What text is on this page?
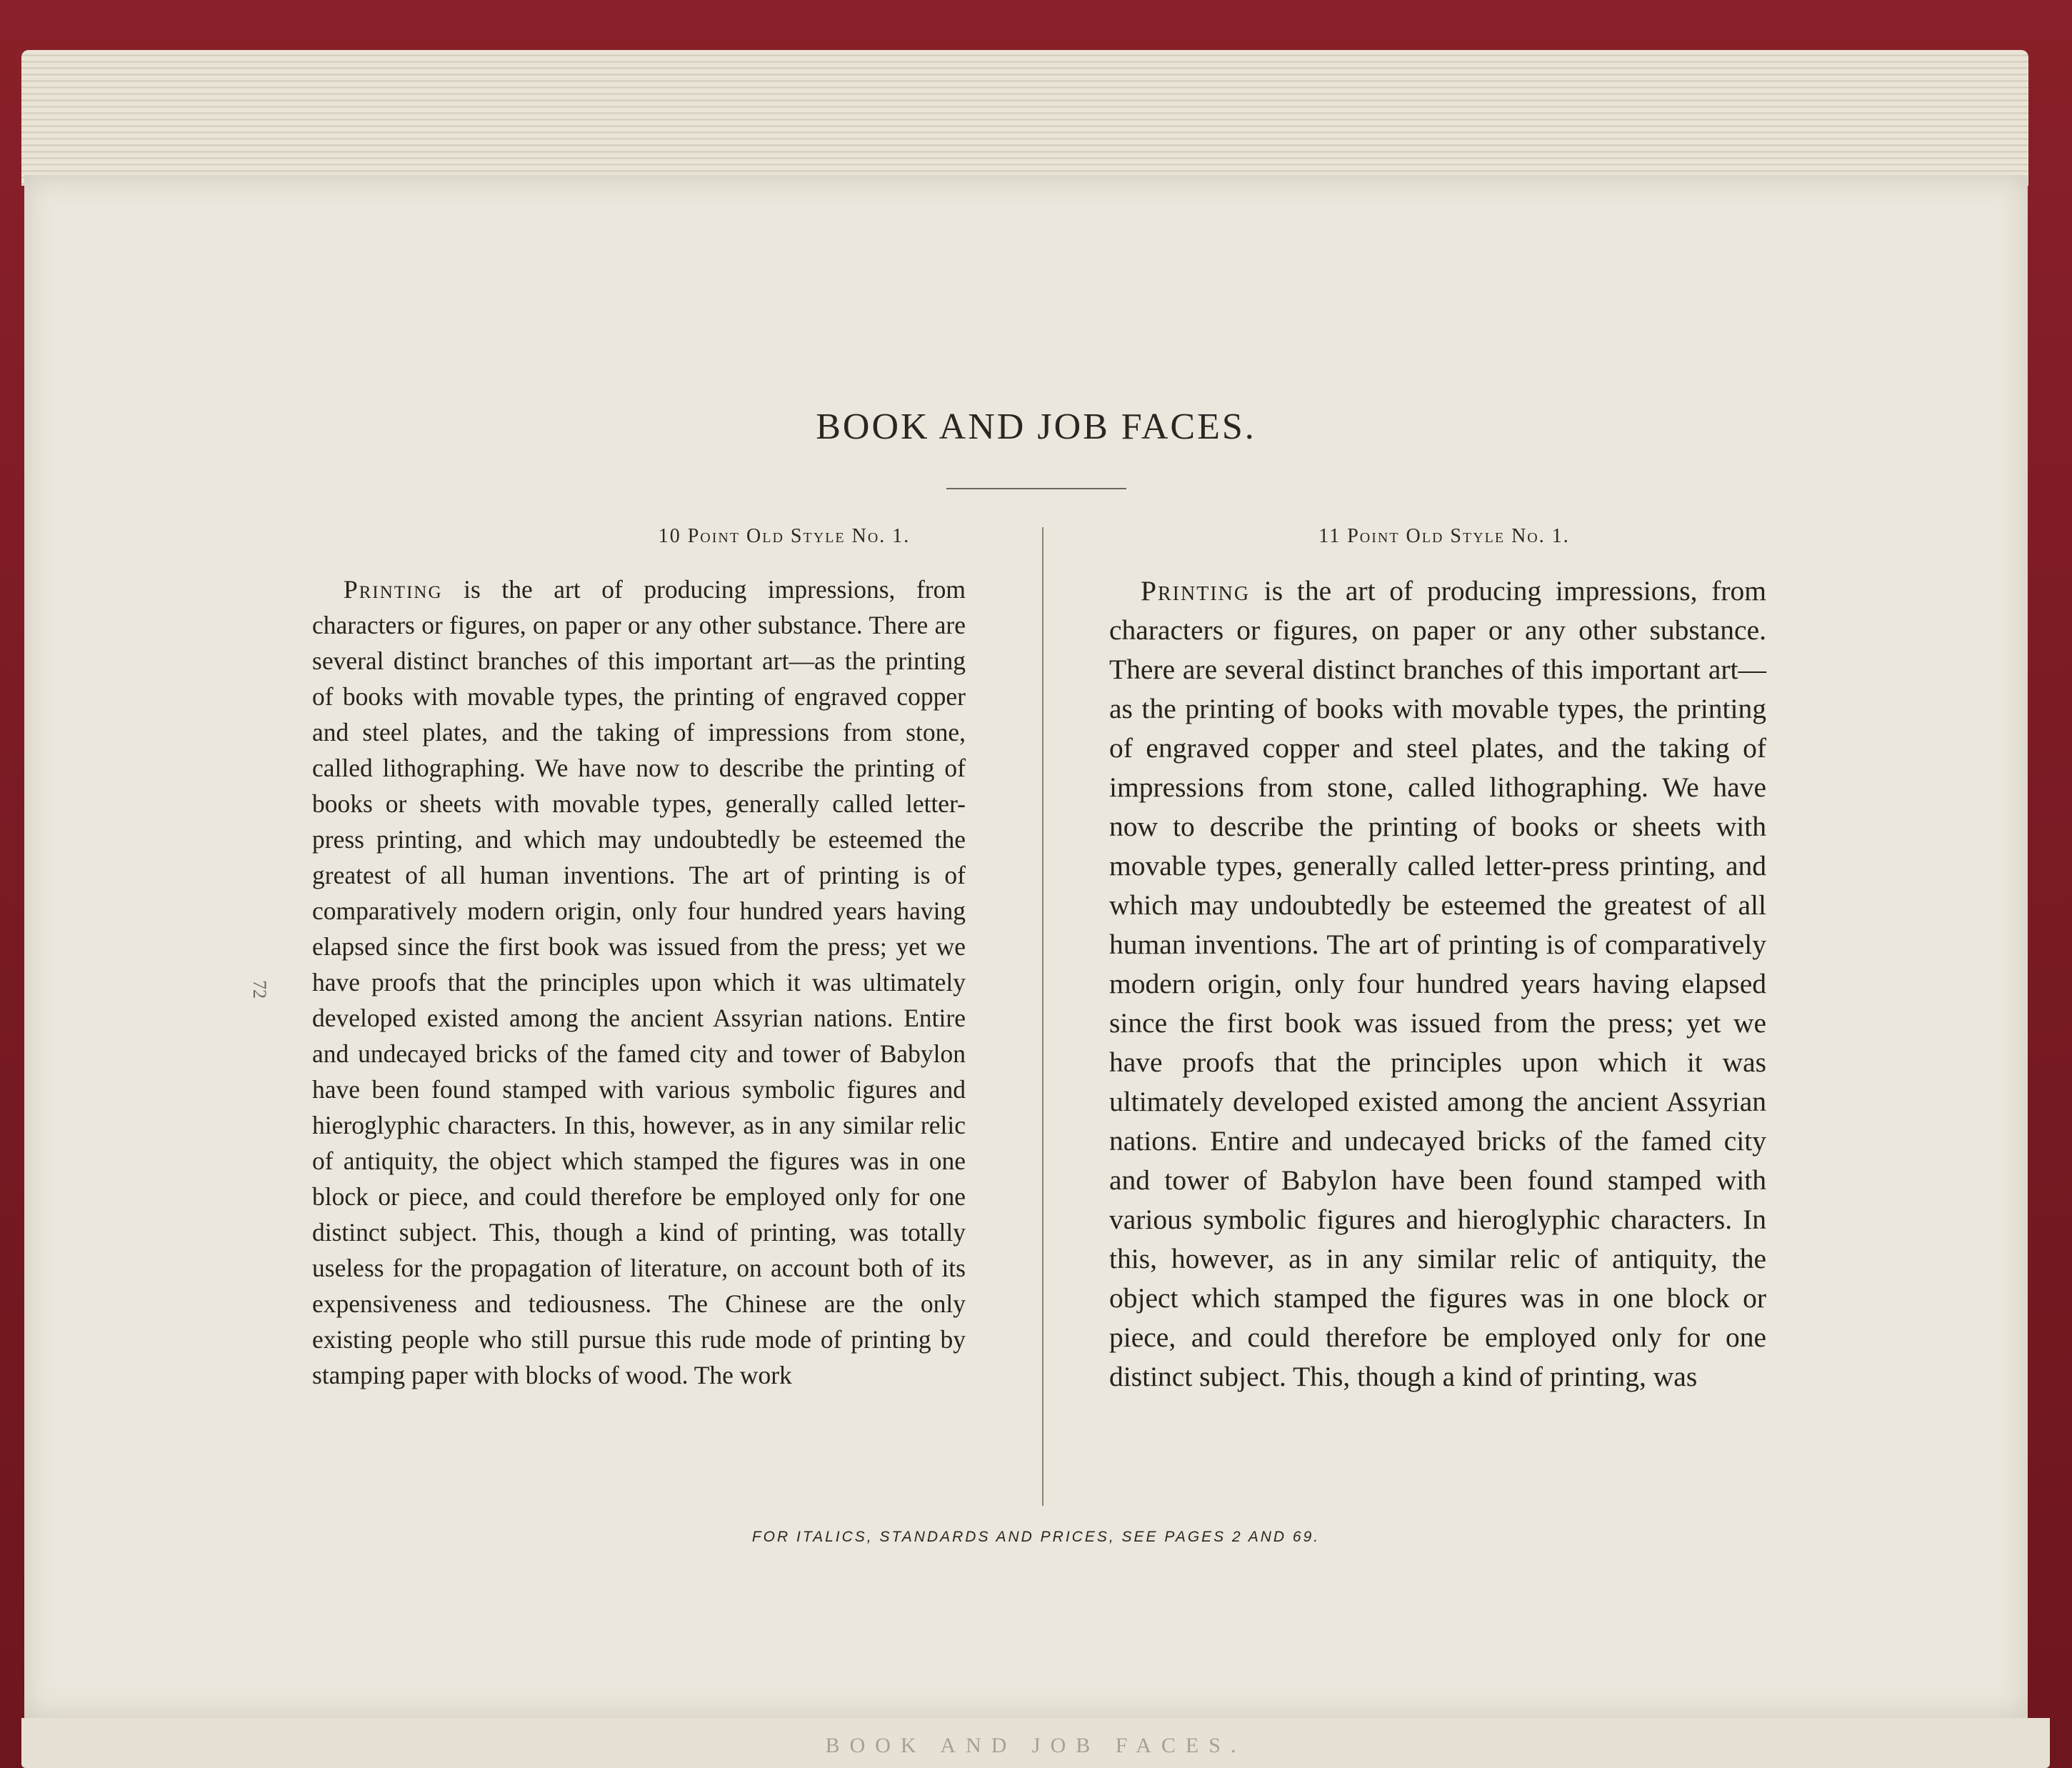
BOOK AND JOB FACES.
10 Point Old Style No. 1.	11 Point Old Style No. 1.

Printing is the art of producing impressions, from characters or figures, on paper or any other substance. There are several distinct branches of this important art—as the printing of books with movable types, the printing of engraved copper and steel plates, and the taking of impressions from stone, called lithographing. We have now to describe the printing of books or sheets with movable types, generally called letter-press printing, and which may undoubtedly be esteemed the greatest of all human inventions. The art of printing is of comparatively modern origin, only four hundred years having elapsed since the first book was issued from the press; yet we have proofs that the principles upon which it was ultimately developed existed among the ancient Assyrian nations. Entire and undecayed bricks of the famed city and tower of Babylon have been found stamped with various symbolic figures and hieroglyphic characters. In this, however, as in any similar relic of antiquity, the object which stamped the figures was in one block or piece, and could therefore be employed only for one distinct subject. This, though a kind of printing, was totally useless for the propagation of literature, on account both of its expensiveness and tediousness. The Chinese are the only existing people who still pursue this rude mode of printing by stamping paper with blocks of wood. The work

Printing is the art of producing impressions, from characters or figures, on paper or any other substance. There are several distinct branches of this important art—as the printing of books with movable types, the printing of engraved copper and steel plates, and the taking of impressions from stone, called lithographing. We have now to describe the printing of books or sheets with movable types, generally called letter-press printing, and which may undoubtedly be esteemed the greatest of all human inventions. The art of printing is of comparatively modern origin, only four hundred years having elapsed since the first book was issued from the press; yet we have proofs that the principles upon which it was ultimately developed existed among the ancient Assyrian nations. Entire and undecayed bricks of the famed city and tower of Babylon have been found stamped with various symbolic figures and hieroglyphic characters. In this, however, as in any similar relic of antiquity, the object which stamped the figures was in one block or piece, and could therefore be employed only for one distinct subject. This, though a kind of printing, was

72
FOR ITALICS, STANDARDS AND PRICES, SEE PAGES 2 AND 69.
BOOK AND JOB FACES.
